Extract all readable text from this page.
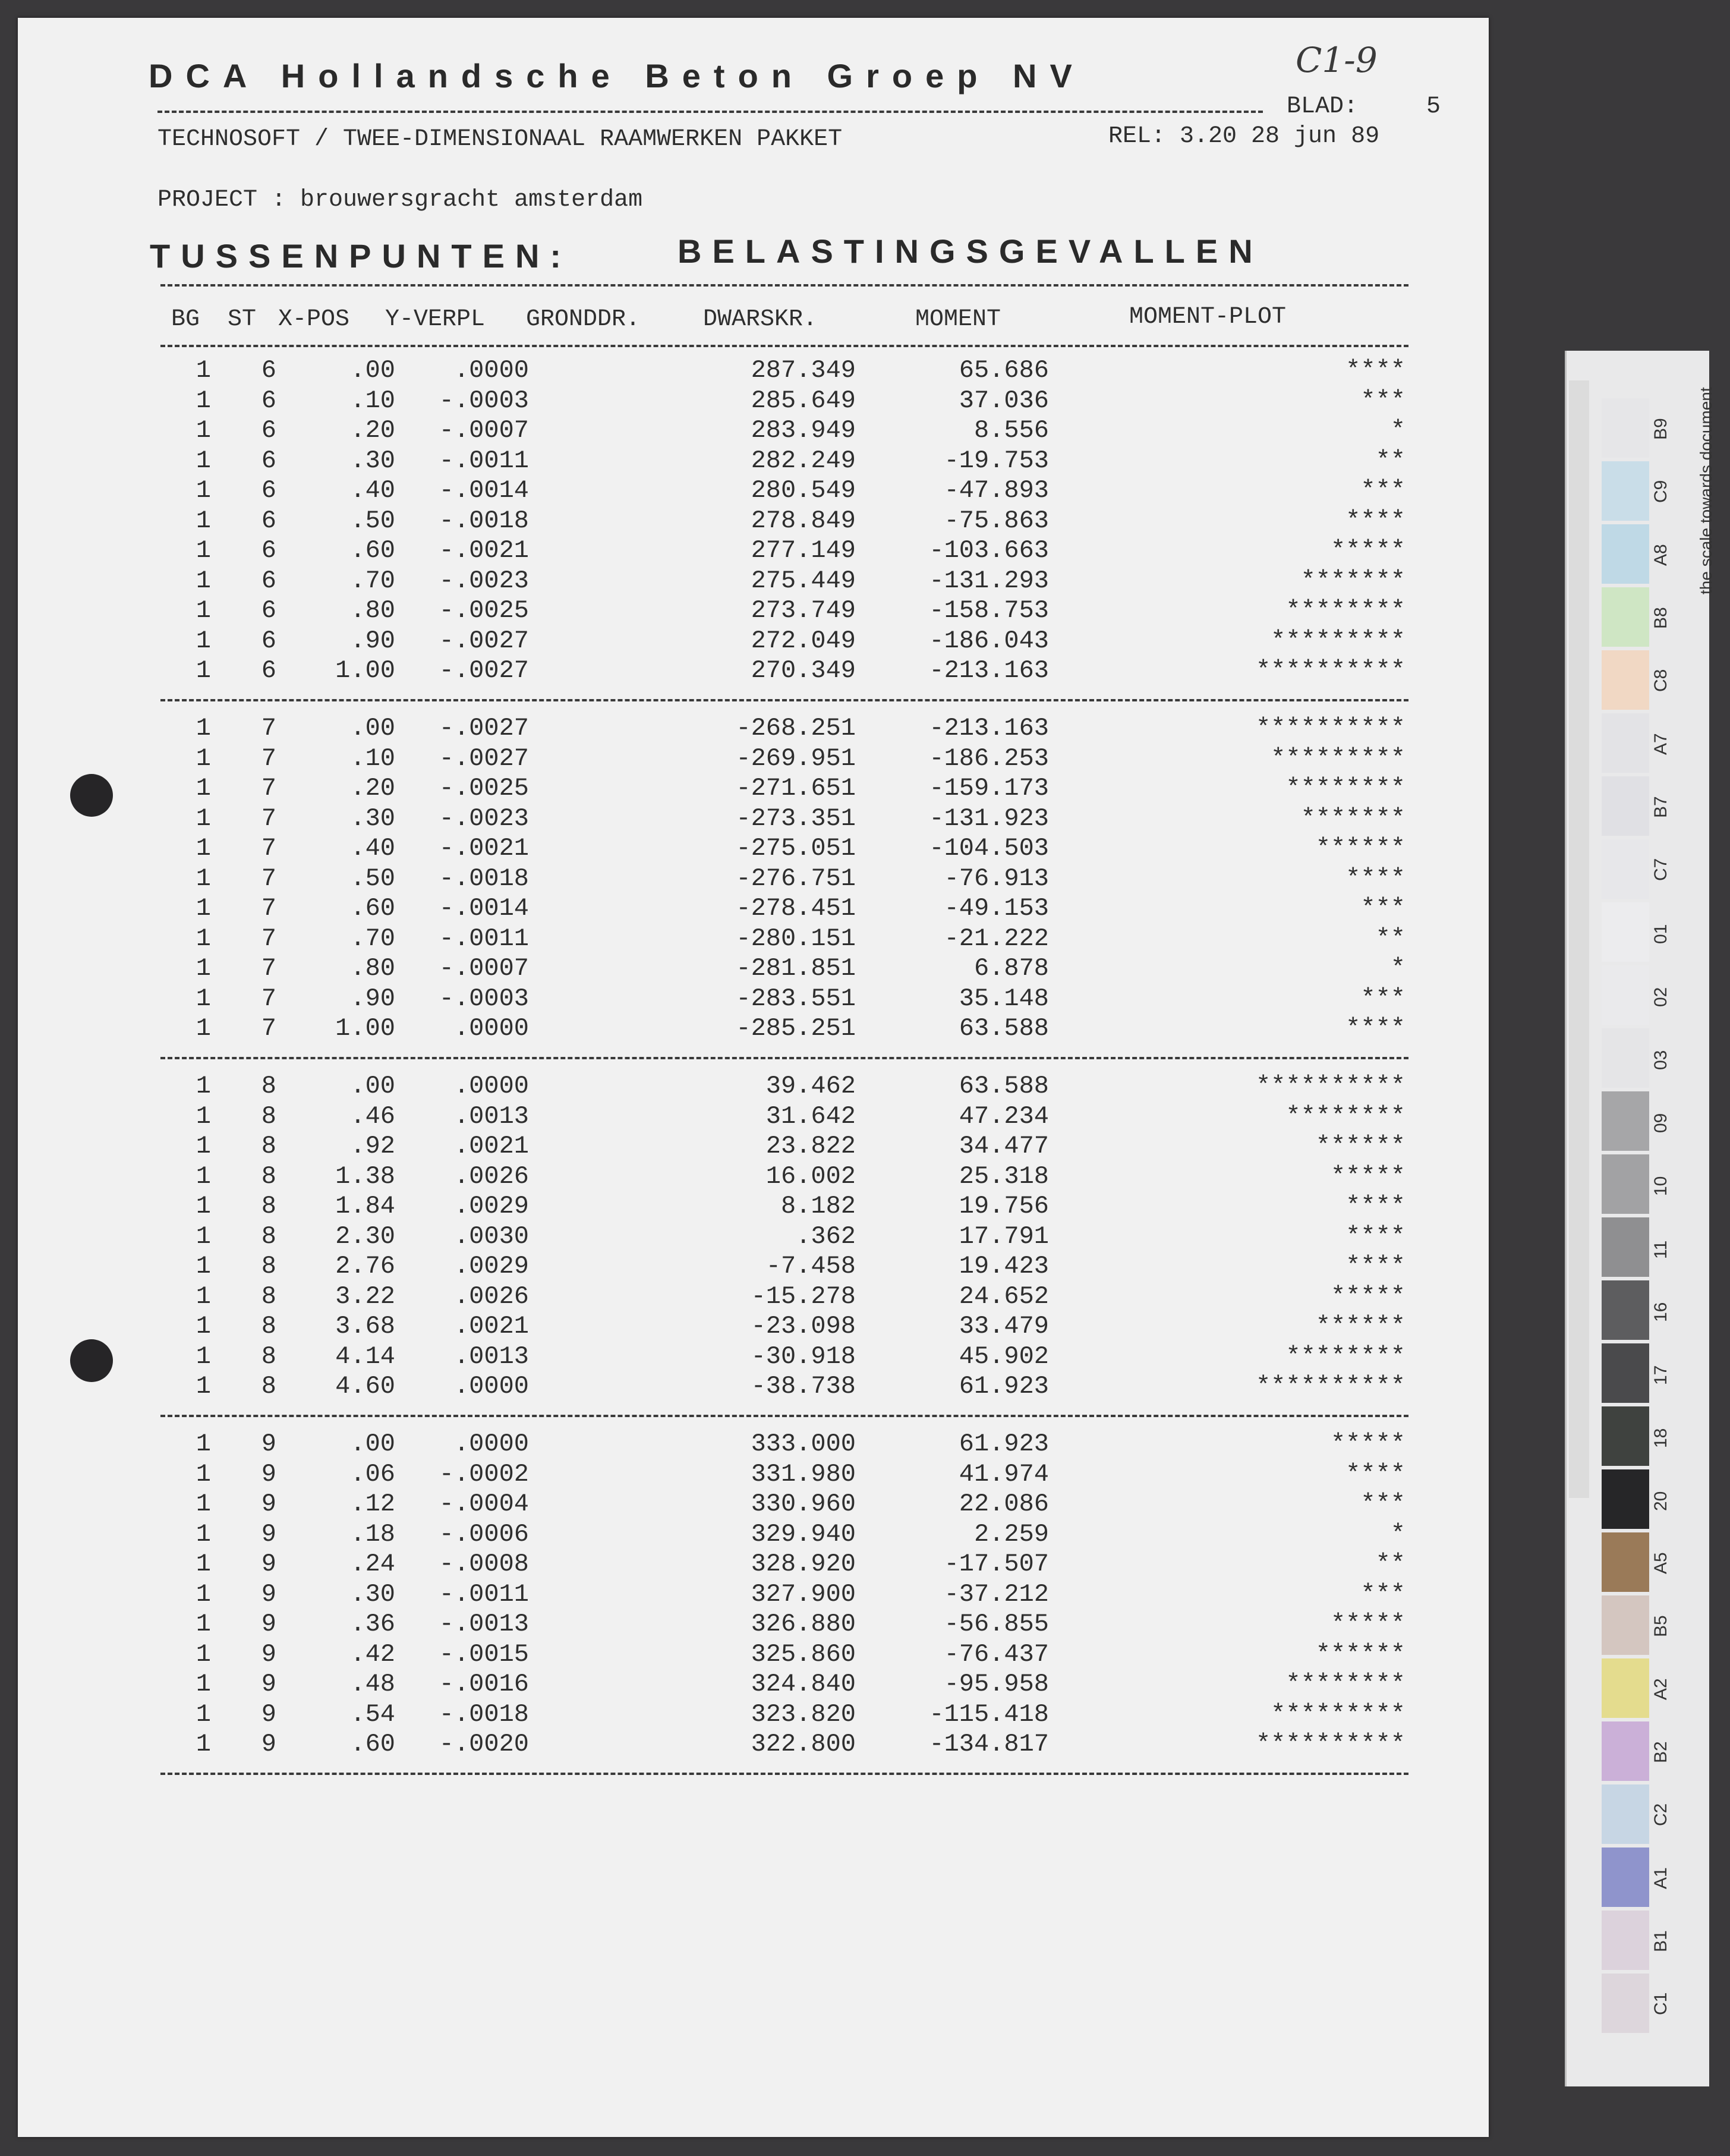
DCA Hollandsche Beton Groep NV	C1-9
BLAD:	5
TECHNOSOFT / TWEE-DIMENSIONAAL RAAMWERKEN PAKKET	REL: 3.20 28 jun 89
PROJECT : brouwersgracht amsterdam
TUSSENPUNTEN:	BELASTINGSGEVALLEN
BG ST X-POS Y-VERPL GRONDDR.	DWARSKR.	MOMENT	MOMENT-PLOT
1	6	.00	.0000	287.349	65.686	****
1	6	.10	-.0003	285.649	37.036	***
1	6	.20	-.0007	283.949	8.556	*
1	6	.30	-.0011	282.249	-19.753	**
1	6	.40	-.0014	280.549	-47.893	***
1	6	.50	-.0018	278.849	-75.863	****
1	6	.60	-.0021	277.149	-103.663	*****
1	6	.70	-.0023	275.449	-131.293	*******
1	6	.80	-.0025	273.749	-158.753	********
1	6	.90	-.0027	272.049	-186.043	*********
1	6	1.00	-.0027	270.349	-213.163	**********
1	7	.00	-.0027	-268.251	-213.163	**********
1	7	.10	-.0027	-269.951	-186.253	*********
1	7	.20	-.0025	-271.651	-159.173	********
1	7	.30	-.0023	-273.351	-131.923	*******
1	7	.40	-.0021	-275.051	-104.503	******
1	7	.50	-.0018	-276.751	-76.913	****
1	7	.60	-.0014	-278.451	-49.153	***
1	7	.70	-.0011	-280.151	-21.222	**
1	7	.80	-.0007	-281.851	6.878	*
1	7	.90	-.0003	-283.551	35.148	***
1	7	1.00	.0000	-285.251	63.588	****
1	8	.00	.0000	39.462	63.588	**********
1	8	.46	.0013	31.642	47.234	********
1	8	.92	.0021	23.822	34.477	******
1	8	1.38	.0026	16.002	25.318	*****
1	8	1.84	.0029	8.182	19.756	****
1	8	2.30	.0030	.362	17.791	****
1	8	2.76	.0029	-7.458	19.423	****
1	8	3.22	.0026	-15.278	24.652	*****
1	8	3.68	.0021	-23.098	33.479	******
1	8	4.14	.0013	-30.918	45.902	********
1	8	4.60	.0000	-38.738	61.923	**********
1	9	.00	.0000	333.000	61.923	*****
1	9	.06	-.0002	331.980	41.974	****
1	9	.12	-.0004	330.960	22.086	***
1	9	.18	-.0006	329.940	2.259	*
1	9	.24	-.0008	328.920	-17.507	**
1	9	.30	-.0011	327.900	-37.212	***
1	9	.36	-.0013	326.880	-56.855	*****
1	9	.42	-.0015	325.860	-76.437	******
1	9	.48	-.0016	324.840	-95.958	********
1	9	.54	-.0018	323.820	-115.418	*********
1	9	.60	-.0020	322.800	-134.817	**********
the scale towards document
B9
C9
A8
B8
C8
A7
B7
C7
01
02
03
09
10
11
16
17
18
20
A5
B5
A2
B2
C2
A1
B1
C1
